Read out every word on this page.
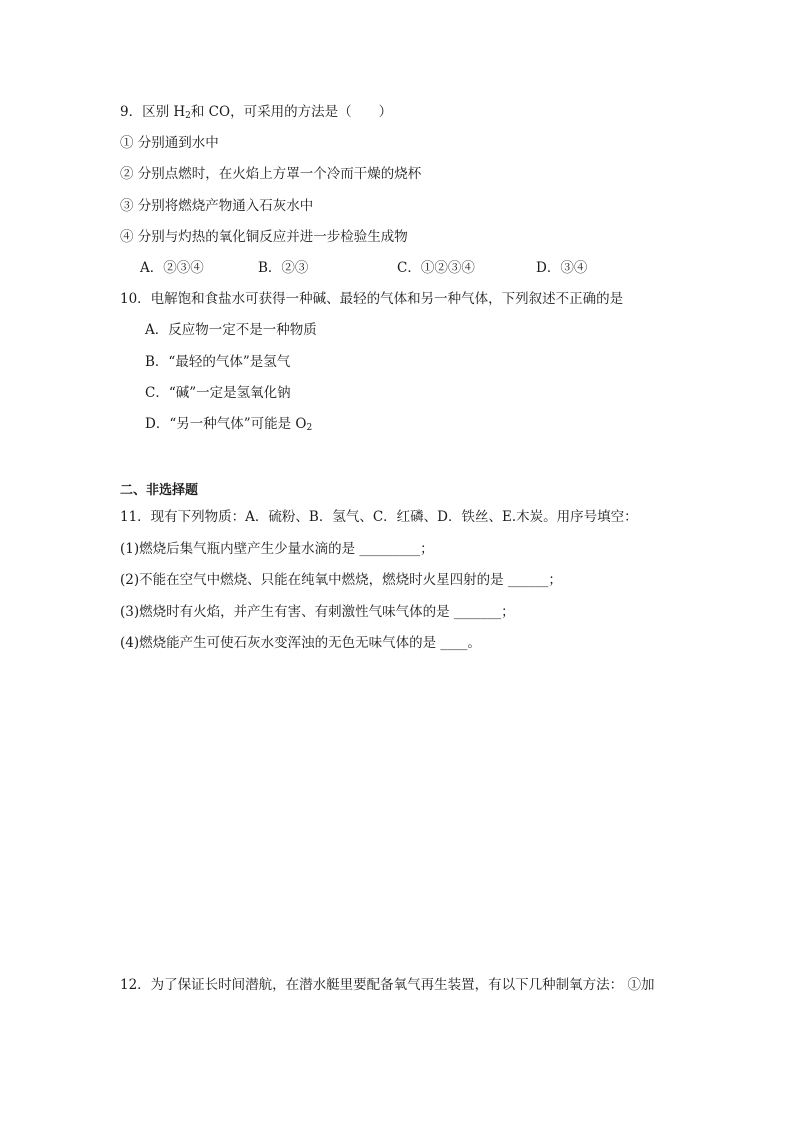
9．区别 $H_2$和 CO，可采用的方法是（　　）
① 分别通到水中
② 分别点燃时，在火焰上方罩一个冷而干燥的烧杯
③ 分别将燃烧产物通入石灰水中
④ 分别与灼热的氧化铜反应并进一步检验生成物
A．②③④	B．②③	C．①②③④	D．③④
10．电解饱和食盐水可获得一种碱、最轻的气体和另一种气体，下列叙述不正确的是
A．反应物一定不是一种物质
B．“最轻的气体”是氢气
C．“碱”一定是氢氧化钠
D．“另一种气体”可能是 $O_2$
二、非选择题
11．现有下列物质：A．硫粉、B．氢气、C．红磷、D．铁丝、E.木炭。用序号填空：
(1)燃烧后集气瓶内壁产生少量水滴的是 _________；
(2)不能在空气中燃烧、只能在纯氧中燃烧，燃烧时火星四射的是 ______；
(3)燃烧时有火焰，并产生有害、有刺激性气味气体的是 _______；
(4)燃烧能产生可使石灰水变浑浊的无色无味气体的是 ____。
12．为了保证长时间潜航，在潜水艇里要配备氧气再生装置，有以下几种制氧方法： ①加
